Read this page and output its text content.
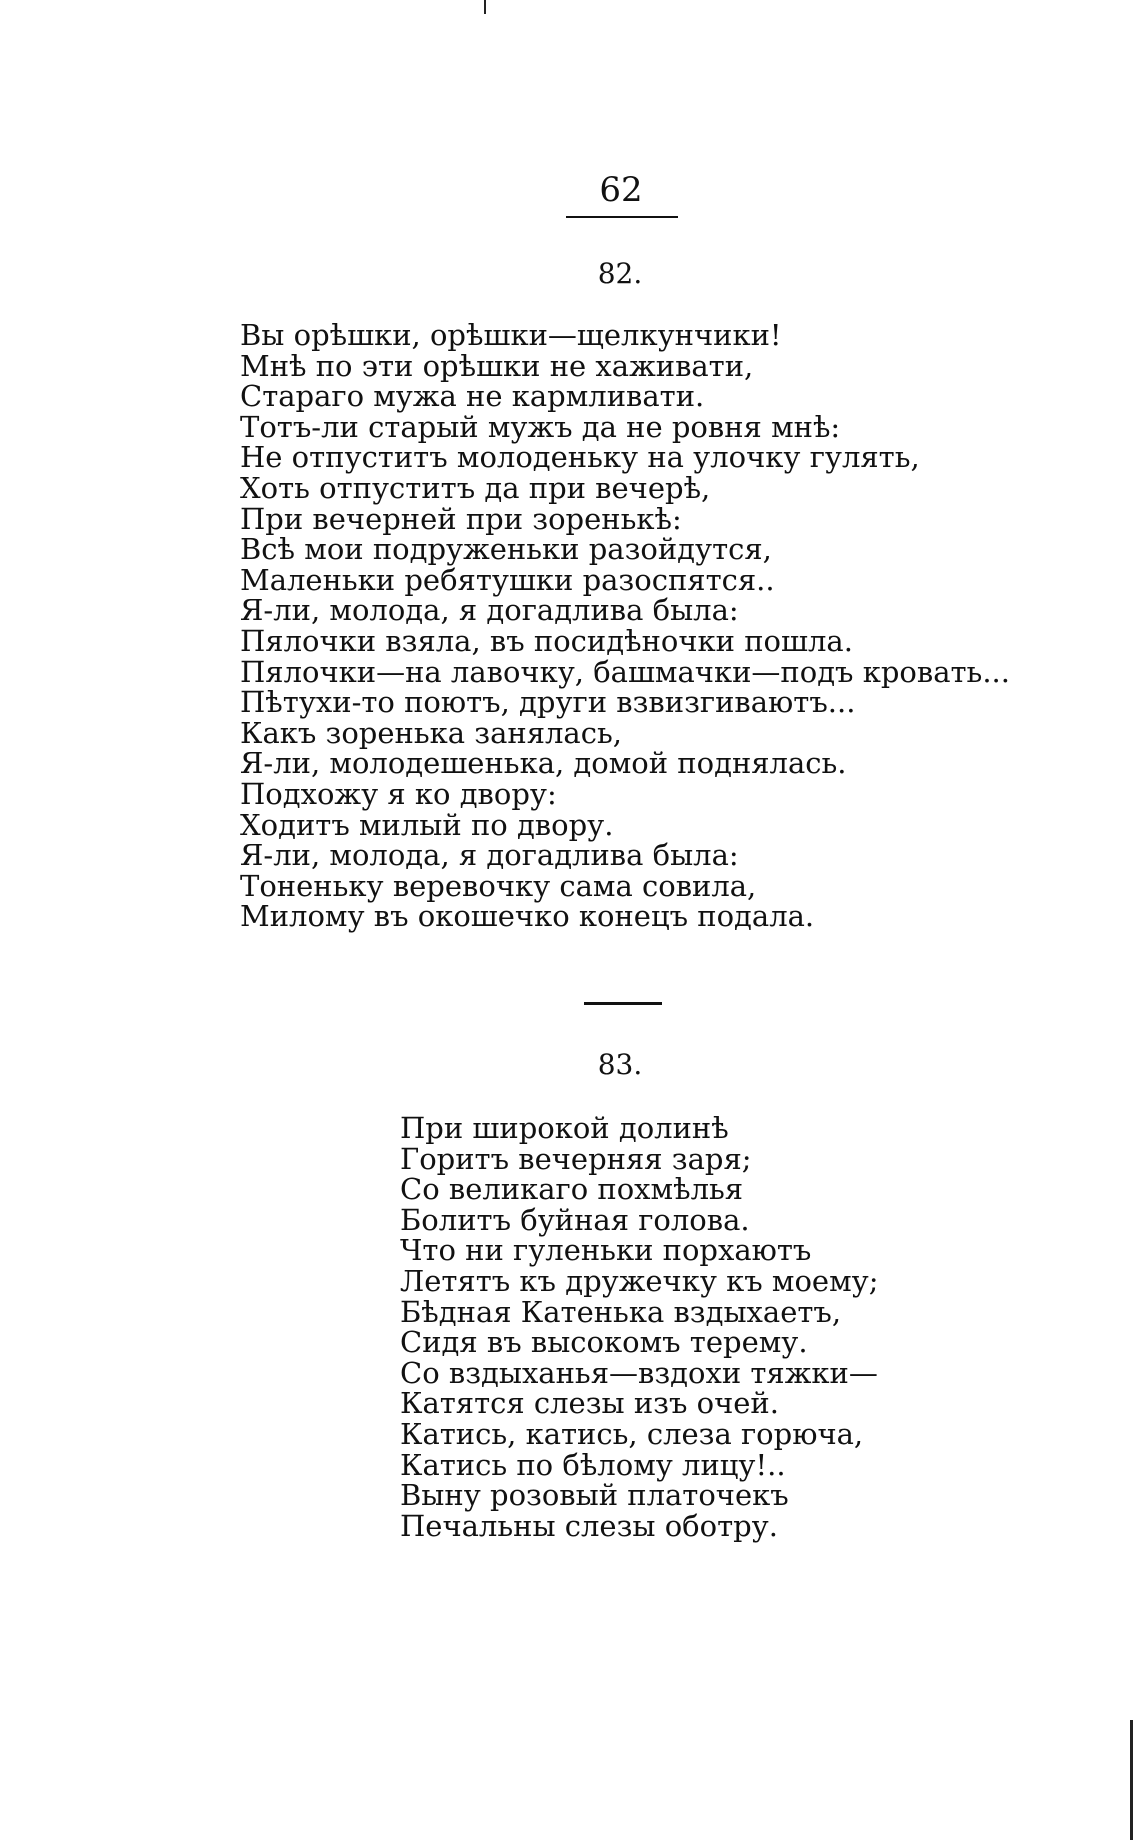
62
82.
Вы орѣшки, орѣшки—щелкунчики!
Мнѣ по эти орѣшки не хаживати,
Стараго мужа не кармливати.
Тотъ-ли старый мужъ да не ровня мнѣ:
Не отпуститъ молоденьку на улочку гулять,
Хоть отпуститъ да при вечерѣ,
При вечерней при зоренькѣ:
Всѣ мои подруженьки разойдутся,
Маленьки ребятушки разоспятся..
Я-ли, молода, я догадлива была:
Пялочки взяла, въ посидѣночки пошла.
Пялочки—на лавочку, башмачки—подъ кровать...
Пѣтухи-то поютъ, други взвизгиваютъ...
Какъ зоренька занялась,
Я-ли, молодешенька, домой поднялась.
Подхожу я ко двору:
Ходитъ милый по двору.
Я-ли, молода, я догадлива была:
Тоненьку веревочку сама совила,
Милому въ окошечко конецъ подала.
83.
При широкой долинѣ
Горитъ вечерняя заря;
Со великаго похмѣлья
Болитъ буйная голова.
Что ни гуленьки порхаютъ
Летятъ къ дружечку къ моему;
Бѣдная Катенька вздыхаетъ,
Сидя въ высокомъ терему.
Со вздыханья—вздохи тяжки—
Катятся слезы изъ очей.
Катись, катись, слеза горюча,
Катись по бѣлому лицу!..
Выну розовый платочекъ
Печальны слезы оботру.
